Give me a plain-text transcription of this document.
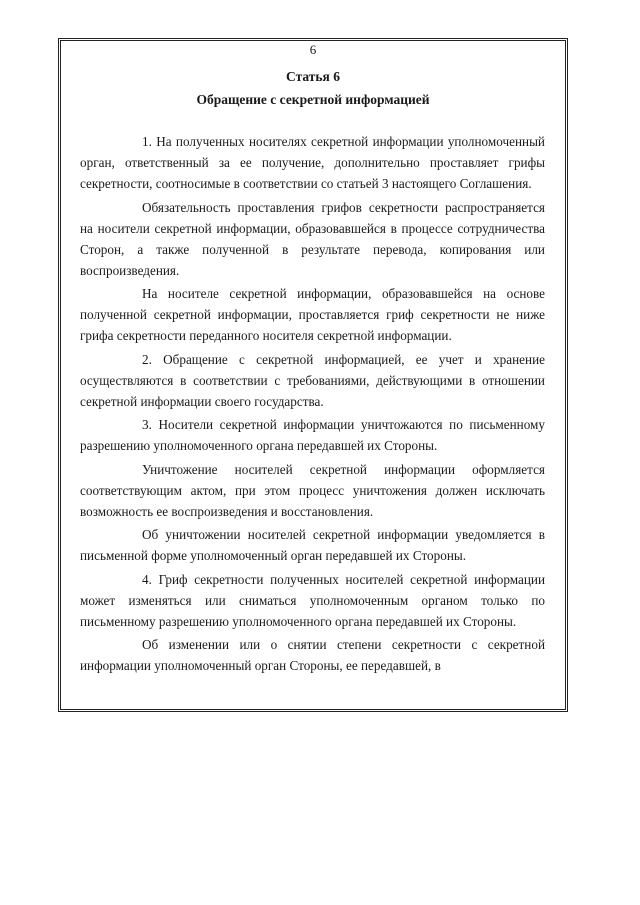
6
Статья 6
Обращение с секретной информацией

1. На полученных носителях секретной информации уполномоченный орган, ответственный за ее получение, дополнительно проставляет грифы секретности, соотносимые в соответствии со статьей 3 настоящего Соглашения.

Обязательность проставления грифов секретности распространяется на носители секретной информации, образовавшейся в процессе сотрудничества Сторон, а также полученной в результате перевода, копирования или воспроизведения.

На носителе секретной информации, образовавшейся на основе полученной секретной информации, проставляется гриф секретности не ниже грифа секретности переданного носителя секретной информации.

2. Обращение с секретной информацией, ее учет и хранение осуществляются в соответствии с требованиями, действующими в отношении секретной информации своего государства.

3. Носители секретной информации уничтожаются по письменному разрешению уполномоченного органа передавшей их Стороны.

Уничтожение носителей секретной информации оформляется соответствующим актом, при этом процесс уничтожения должен исключать возможность ее воспроизведения и восстановления.

Об уничтожении носителей секретной информации уведомляется в письменной форме уполномоченный орган передавшей их Стороны.

4. Гриф секретности полученных носителей секретной информации может изменяться или сниматься уполномоченным органом только по письменному разрешению уполномоченного органа передавшей их Стороны.

Об изменении или о снятии степени секретности с секретной информации уполномоченный орган Стороны, ее передавшей, в
